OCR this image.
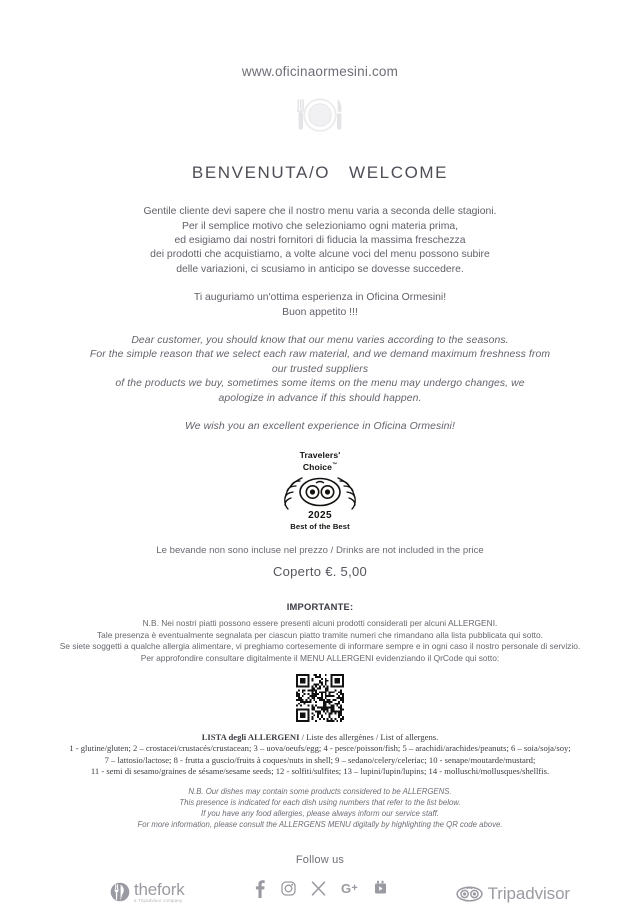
www.oficinaormesini.com
BENVENUTA/O   WELCOME
Gentile cliente devi sapere che il nostro menu varia a seconda delle stagioni.
Per il semplice motivo che selezioniamo ogni materia prima,
ed esigiamo dai nostri fornitori di fiducia la massima freschezza
dei prodotti che acquistiamo, a volte alcune voci del menu possono subire
delle variazioni, ci scusiamo in anticipo se dovesse succedere.
Ti auguriamo un'ottima esperienza in Oficina Ormesini!
Buon appetito !!!
Dear customer, you should know that our menu varies according to the seasons.
For the simple reason that we select each raw material, and we demand maximum freshness from
our trusted suppliers
of the products we buy, sometimes some items on the menu may undergo changes, we
apologize in advance if this should happen.
We wish you an excellent experience in Oficina Ormesini!
Travelers'
Choice™
2025
Best of the Best
Le bevande non sono incluse nel prezzo / Drinks are not included in the price
Coperto €. 5,00
IMPORTANTE:
N.B. Nei nostri piatti possono essere presenti alcuni prodotti considerati per alcuni ALLERGENI.
Tale presenza è eventualmente segnalata per ciascun piatto tramite numeri che rimandano alla lista pubblicata qui sotto.
Se siete soggetti a qualche allergia alimentare, vi preghiamo cortesemente di informare sempre e in ogni caso il nostro personale di servizio.
Per approfondire consultare digitalmente il MENU ALLERGENI evidenziando il QrCode qui sotto:
LISTA degli ALLERGENI / Liste des allergènes / List of allergens.
1 - glutine/gluten; 2 – crostacei/crustacés/crustacean; 3 – uova/oeufs/egg; 4 - pesce/poisson/fish; 5 – arachidi/arachides/peanuts; 6 – soia/soja/soy;
7 – lattosio/lactose; 8 - frutta a guscio/fruits à coques/nuts in shell; 9 – sedano/celery/celeriac; 10 - senape/moutarde/mustard;
11 - semi di sesamo/graines de sésame/sesame seeds; 12 - solfiti/sulfites; 13 – lupini/lupin/lupins; 14 - molluschi/mollusques/shellfis.
N.B. Our dishes may contain some products considered to be ALLERGENS.
This presence is indicated for each dish using numbers that refer to the list below.
If you have any food allergies, please always inform our service staff.
For more information, please consult the ALLERGENS MENU digitally by highlighting the QR code above.
Follow us
thefork
a Tripadvisor company
G	Tripadvisor
